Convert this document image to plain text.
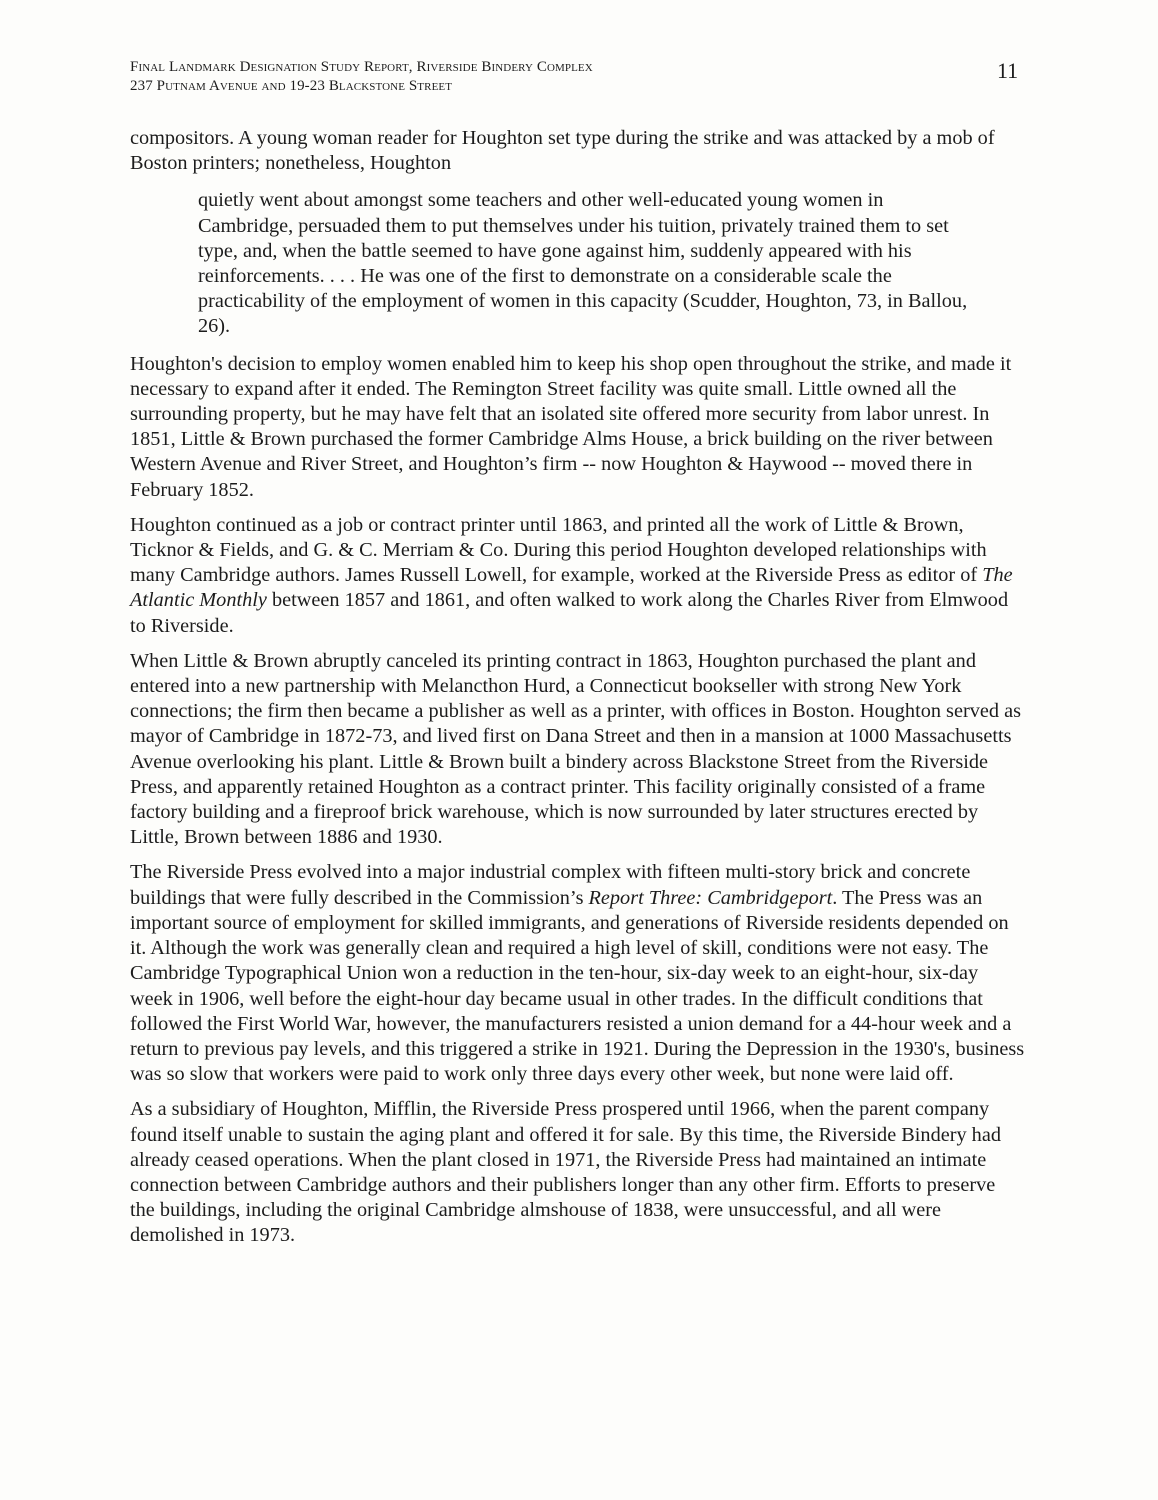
Final Landmark Designation Study Report, Riverside Bindery Complex
237 Putnam Avenue and 19-23 Blackstone Street
11

compositors. A young woman reader for Houghton set type during the strike and was attacked by a mob of Boston printers; nonetheless, Houghton

quietly went about amongst some teachers and other well-educated young women in Cambridge, persuaded them to put themselves under his tuition, privately trained them to set type, and, when the battle seemed to have gone against him, suddenly appeared with his reinforcements. . . . He was one of the first to demonstrate on a considerable scale the practicability of the employment of women in this capacity (Scudder, Houghton, 73, in Ballou, 26).

Houghton's decision to employ women enabled him to keep his shop open throughout the strike, and made it necessary to expand after it ended. The Remington Street facility was quite small. Little owned all the surrounding property, but he may have felt that an isolated site offered more security from labor unrest. In 1851, Little & Brown purchased the former Cambridge Alms House, a brick building on the river between Western Avenue and River Street, and Houghton’s firm -- now Houghton & Haywood -- moved there in February 1852.

Houghton continued as a job or contract printer until 1863, and printed all the work of Little & Brown, Ticknor & Fields, and G. & C. Merriam & Co. During this period Houghton developed relationships with many Cambridge authors. James Russell Lowell, for example, worked at the Riverside Press as editor of The Atlantic Monthly between 1857 and 1861, and often walked to work along the Charles River from Elmwood to Riverside.

When Little & Brown abruptly canceled its printing contract in 1863, Houghton purchased the plant and entered into a new partnership with Melancthon Hurd, a Connecticut bookseller with strong New York connections; the firm then became a publisher as well as a printer, with offices in Boston. Houghton served as mayor of Cambridge in 1872-73, and lived first on Dana Street and then in a mansion at 1000 Massachusetts Avenue overlooking his plant. Little & Brown built a bindery across Blackstone Street from the Riverside Press, and apparently retained Houghton as a contract printer. This facility originally consisted of a frame factory building and a fireproof brick warehouse, which is now surrounded by later structures erected by Little, Brown between 1886 and 1930.

The Riverside Press evolved into a major industrial complex with fifteen multi-story brick and concrete buildings that were fully described in the Commission’s Report Three: Cambridgeport. The Press was an important source of employment for skilled immigrants, and generations of Riverside residents depended on it. Although the work was generally clean and required a high level of skill, conditions were not easy. The Cambridge Typographical Union won a reduction in the ten-hour, six-day week to an eight-hour, six-day week in 1906, well before the eight-hour day became usual in other trades. In the difficult conditions that followed the First World War, however, the manufacturers resisted a union demand for a 44-hour week and a return to previous pay levels, and this triggered a strike in 1921. During the Depression in the 1930's, business was so slow that workers were paid to work only three days every other week, but none were laid off.

As a subsidiary of Houghton, Mifflin, the Riverside Press prospered until 1966, when the parent company found itself unable to sustain the aging plant and offered it for sale. By this time, the Riverside Bindery had already ceased operations. When the plant closed in 1971, the Riverside Press had maintained an intimate connection between Cambridge authors and their publishers longer than any other firm. Efforts to preserve the buildings, including the original Cambridge almshouse of 1838, were unsuccessful, and all were demolished in 1973.
